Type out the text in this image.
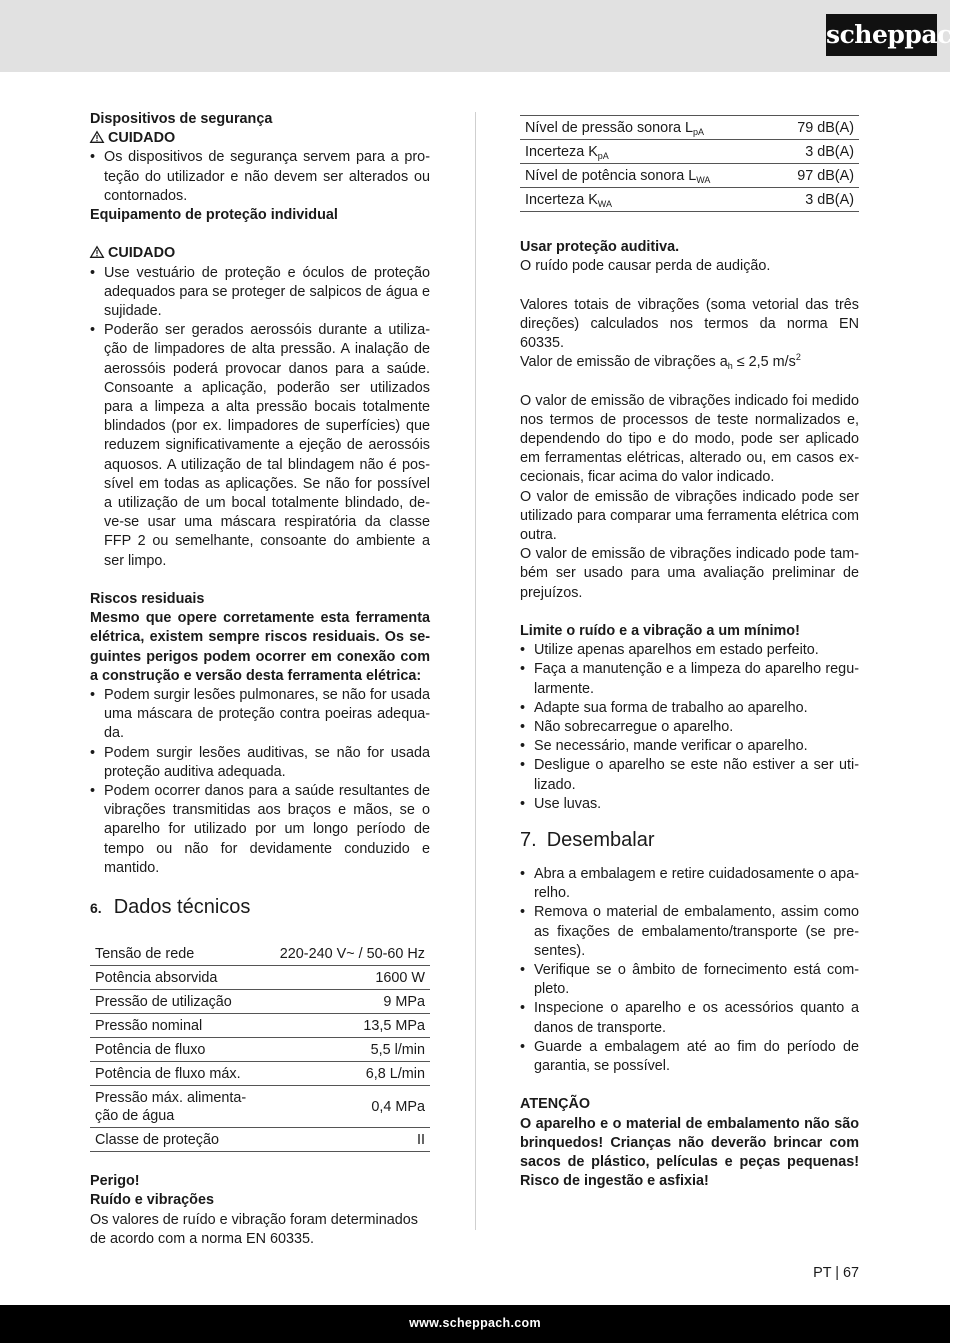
scheppach

Dispositivos de segurança

CUIDADO

• Os dispositivos de segurança servem para a proteção do utilizador e não devem ser alterados ou contornados.

Equipamento de proteção individual

CUIDADO

• Use vestuário de proteção e óculos de proteção adequados para se proteger de salpicos de água e sujidade.
• Poderão ser gerados aerossóis durante a utilização de limpadores de alta pressão. A inalação de aerossóis poderá provocar danos para a saúde. Consoante a aplicação, poderão ser utilizados para a limpeza a alta pressão bocais totalmente blindados (por ex. limpadores de superfícies) que reduzem significativamente a ejeção de aerossóis aquosos. A utilização de tal blindagem não é possível em todas as aplicações. Se não for possível a utilização de um bocal totalmente blindado, deve-se usar uma máscara respiratória da classe FFP 2 ou semelhante, consoante do ambiente a ser limpo.

Riscos residuais

Mesmo que opere corretamente esta ferramenta elétrica, existem sempre riscos residuais. Os seguintes perigos podem ocorrer em conexão com a construção e versão desta ferramenta elétrica:

• Podem surgir lesões pulmonares, se não for usada uma máscara de proteção contra poeiras adequada.
• Podem surgir lesões auditivas, se não for usada proteção auditiva adequada.
• Podem ocorrer danos para a saúde resultantes de vibrações transmitidas aos braços e mãos, se o aparelho for utilizado por um longo período de tempo ou não for devidamente conduzido e mantido.
6. Dados técnicos
Tensão de rede	220-240 V~ / 50-60 Hz
Potência absorvida	1600 W
Pressão de utilização	9 MPa
Pressão nominal	13,5 MPa
Potência de fluxo	5,5 l/min
Potência de fluxo máx.	6,8 L/min
Pressão máx. alimentação de água	0,4 MPa
Classe de proteção	II

Perigo!

Ruído e vibrações

Os valores de ruído e vibração foram determinados de acordo com a norma EN 60335.

Nível de pressão sonora $L_{pA}$	79 dB(A)
Incerteza $K_{pA}$	3 dB(A)
Nível de potência sonora $L_{WA}$	97 dB(A)
Incerteza $K_{WA}$	3 dB(A)

Usar proteção auditiva.

O ruído pode causar perda de audição.

Valores totais de vibrações (soma vetorial das três direções) calculados nos termos da norma EN 60335.

Valor de emissão de vibrações $a_h \le 2,5$ $m/s^2$

O valor de emissão de vibrações indicado foi medido nos termos de processos de teste normalizados e, dependendo do tipo e do modo, pode ser aplicado em ferramentas elétricas, alterado ou, em casos excecionais, ficar acima do valor indicado.

O valor de emissão de vibrações indicado pode ser utilizado para comparar uma ferramenta elétrica com outra.

O valor de emissão de vibrações indicado pode também ser usado para uma avaliação preliminar de prejuízos.

Limite o ruído e a vibração a um mínimo!

• Utilize apenas aparelhos em estado perfeito.
• Faça a manutenção e a limpeza do aparelho regularmente.
• Adapte sua forma de trabalho ao aparelho.
• Não sobrecarregue o aparelho.
• Se necessário, mande verificar o aparelho.
• Desligue o aparelho se este não estiver a ser utilizado.
• Use luvas.
7. Desembalar
• Abra a embalagem e retire cuidadosamente o aparelho.
• Remova o material de embalamento, assim como as fixações de embalamento/transporte (se presentes).
• Verifique se o âmbito de fornecimento está completo.
• Inspecione o aparelho e os acessórios quanto a danos de transporte.
• Guarde a embalagem até ao fim do período de garantia, se possível.

ATENÇÃO

O aparelho e o material de embalamento não são brinquedos! Crianças não deverão brincar com sacos de plástico, películas e peças pequenas! Risco de ingestão e asfixia!

PT | 67
www.scheppach.com
